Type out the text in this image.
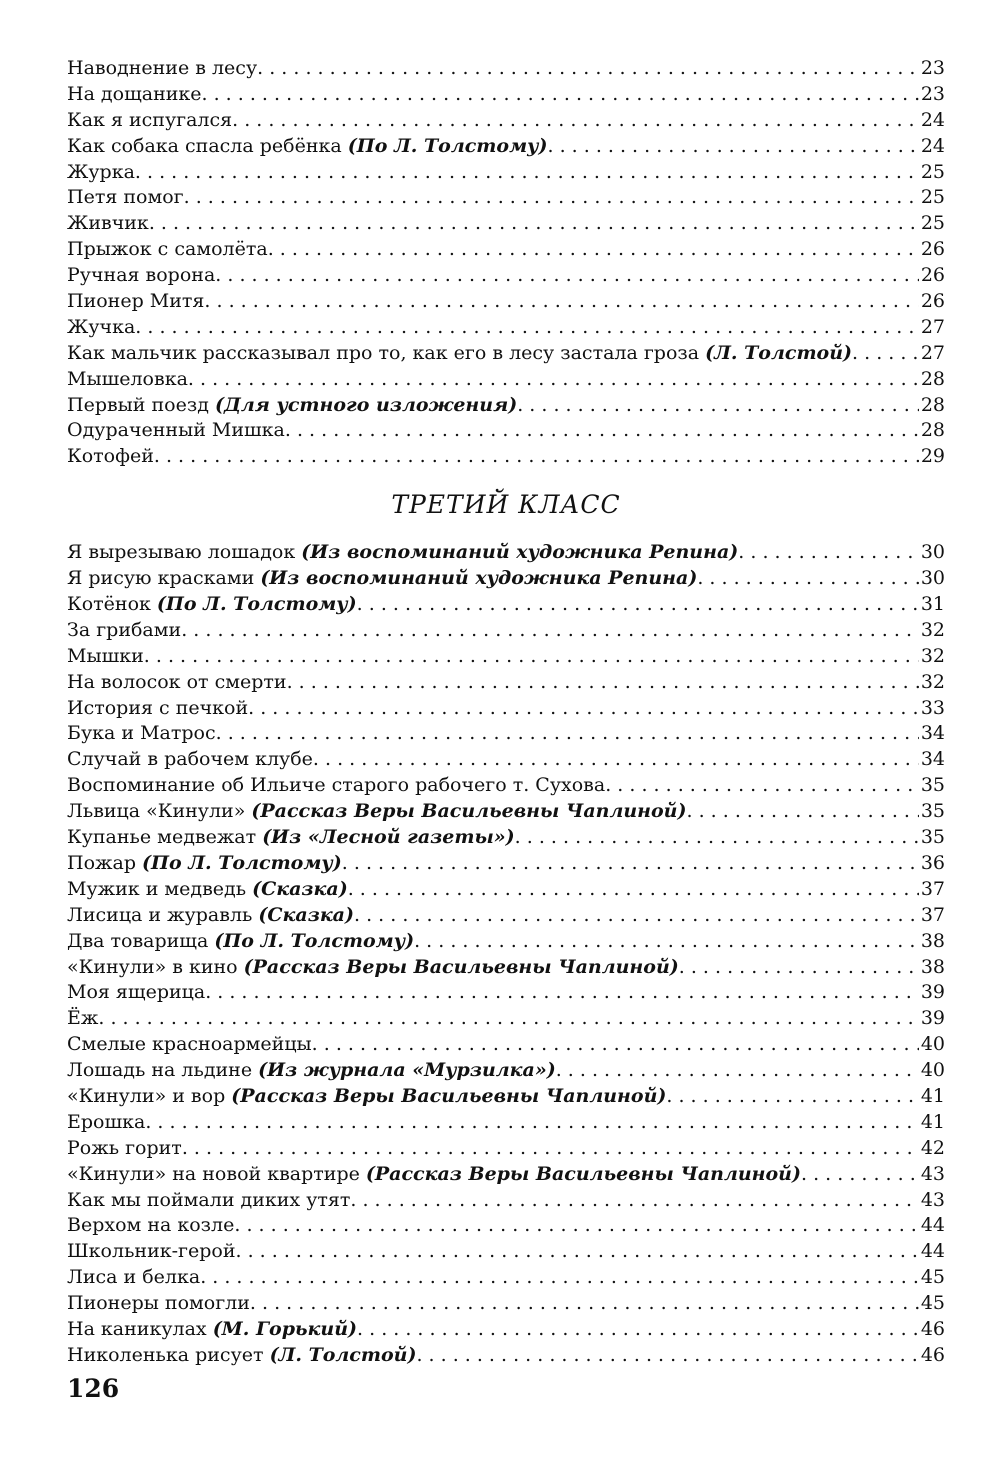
Наводнение в лесу . . .	23
На дощанике . . .	23
Как я испугался . . .	24
Как собака спасла ребёнка (По Л. Толстому) . . .	24
Журка . . .	25
Петя помог . . .	25
Живчик . . .	25
Прыжок с самолёта . . .	26
Ручная ворона . . .	26
Пионер Митя . . .	26
Жучка . . .	27
Как мальчик рассказывал про то, как его в лесу застала гроза (Л. Толстой) . . .	27
Мышеловка . . .	28
Первый поезд (Для устного изложения) . . .	28
Одураченный Мишка . . .	28
Котофей . . .	29
ТРЕТИЙ КЛАСС
Я вырезываю лошадок (Из воспоминаний художника Репина) . . .	30
Я рисую красками (Из воспоминаний художника Репина) . . .	30
Котёнок (По Л. Толстому) . . .	31
За грибами . . .	32
Мышки . . .	32
На волосок от смерти . . .	32
История с печкой . . .	33
Бука и Матрос . . .	34
Случай в рабочем клубе . . .	34
Воспоминание об Ильиче старого рабочего т. Сухова . . .	35
Львица «Кинули» (Рассказ Веры Васильевны Чаплиной) . . .	35
Купанье медвежат (Из «Лесной газеты») . . .	35
Пожар (По Л. Толстому) . . .	36
Мужик и медведь (Сказка) . . .	37
Лисица и журавль (Сказка) . . .	37
Два товарища (По Л. Толстому) . . .	38
«Кинули» в кино (Рассказ Веры Васильевны Чаплиной) . . .	38
Моя ящерица . . .	39
Ёж . . .	39
Смелые красноармейцы . . .	40
Лошадь на льдине (Из журнала «Мурзилка») . . .	40
«Кинули» и вор (Рассказ Веры Васильевны Чаплиной) . . .	41
Ерошка . . .	41
Рожь горит . . .	42
«Кинули» на новой квартире (Рассказ Веры Васильевны Чаплиной) . . .	43
Как мы поймали диких утят . . .	43
Верхом на козле . . .	44
Школьник-герой . . .	44
Лиса и белка . . .	45
Пионеры помогли . . .	45
На каникулах (М. Горький) . . .	46
Николенька рисует (Л. Толстой) . . .	46
126
